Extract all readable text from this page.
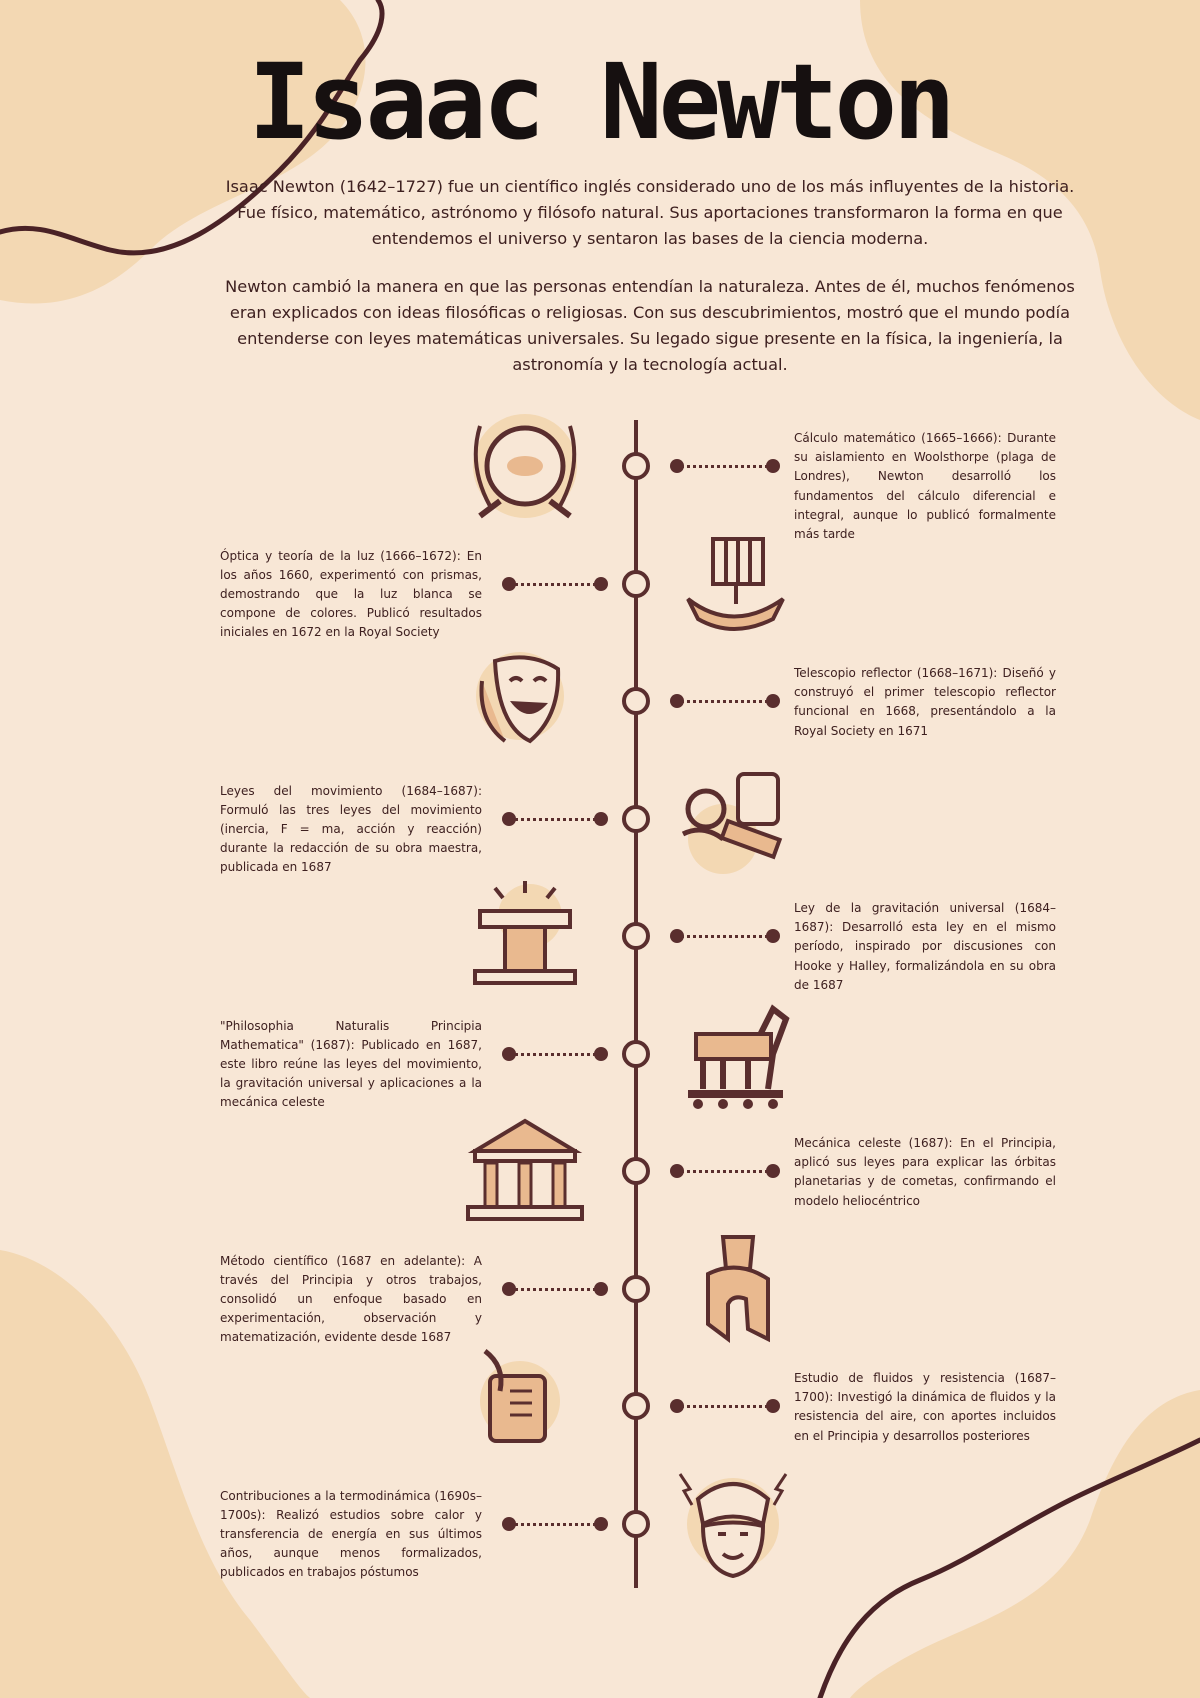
Isaac Newton

Isaac Newton (1642–1727) fue un científico inglés considerado uno de los más influyentes de la historia. Fue físico, matemático, astrónomo y filósofo natural. Sus aportaciones transformaron la forma en que entendemos el universo y sentaron las bases de la ciencia moderna.

Newton cambió la manera en que las personas entendían la naturaleza. Antes de él, muchos fenómenos eran explicados con ideas filosóficas o religiosas. Con sus descubrimientos, mostró que el mundo podía entenderse con leyes matemáticas universales. Su legado sigue presente en la física, la ingeniería, la astronomía y la tecnología actual.

Cálculo matemático (1665–1666): Durante su aislamiento en Woolsthorpe (plaga de Londres), Newton desarrolló los fundamentos del cálculo diferencial e integral, aunque lo publicó formalmente más tarde

Óptica y teoría de la luz (1666–1672): En los años 1660, experimentó con prismas, demostrando que la luz blanca se compone de colores. Publicó resultados iniciales en 1672 en la Royal Society

Telescopio reflector (1668–1671): Diseñó y construyó el primer telescopio reflector funcional en 1668, presentándolo a la Royal Society en 1671

Leyes del movimiento (1684–1687): Formuló las tres leyes del movimiento (inercia, F = ma, acción y reacción) durante la redacción de su obra maestra, publicada en 1687

Ley de la gravitación universal (1684–1687): Desarrolló esta ley en el mismo período, inspirado por discusiones con Hooke y Halley, formalizándola en su obra de 1687

"Philosophia Naturalis Principia Mathematica" (1687): Publicado en 1687, este libro reúne las leyes del movimiento, la gravitación universal y aplicaciones a la mecánica celeste

Mecánica celeste (1687): En el Principia, aplicó sus leyes para explicar las órbitas planetarias y de cometas, confirmando el modelo heliocéntrico

Método científico (1687 en adelante): A través del Principia y otros trabajos, consolidó un enfoque basado en experimentación, observación y matematización, evidente desde 1687

Estudio de fluidos y resistencia (1687–1700): Investigó la dinámica de fluidos y la resistencia del aire, con aportes incluidos en el Principia y desarrollos posteriores

Contribuciones a la termodinámica (1690s–1700s): Realizó estudios sobre calor y transferencia de energía en sus últimos años, aunque menos formalizados, publicados en trabajos póstumos
